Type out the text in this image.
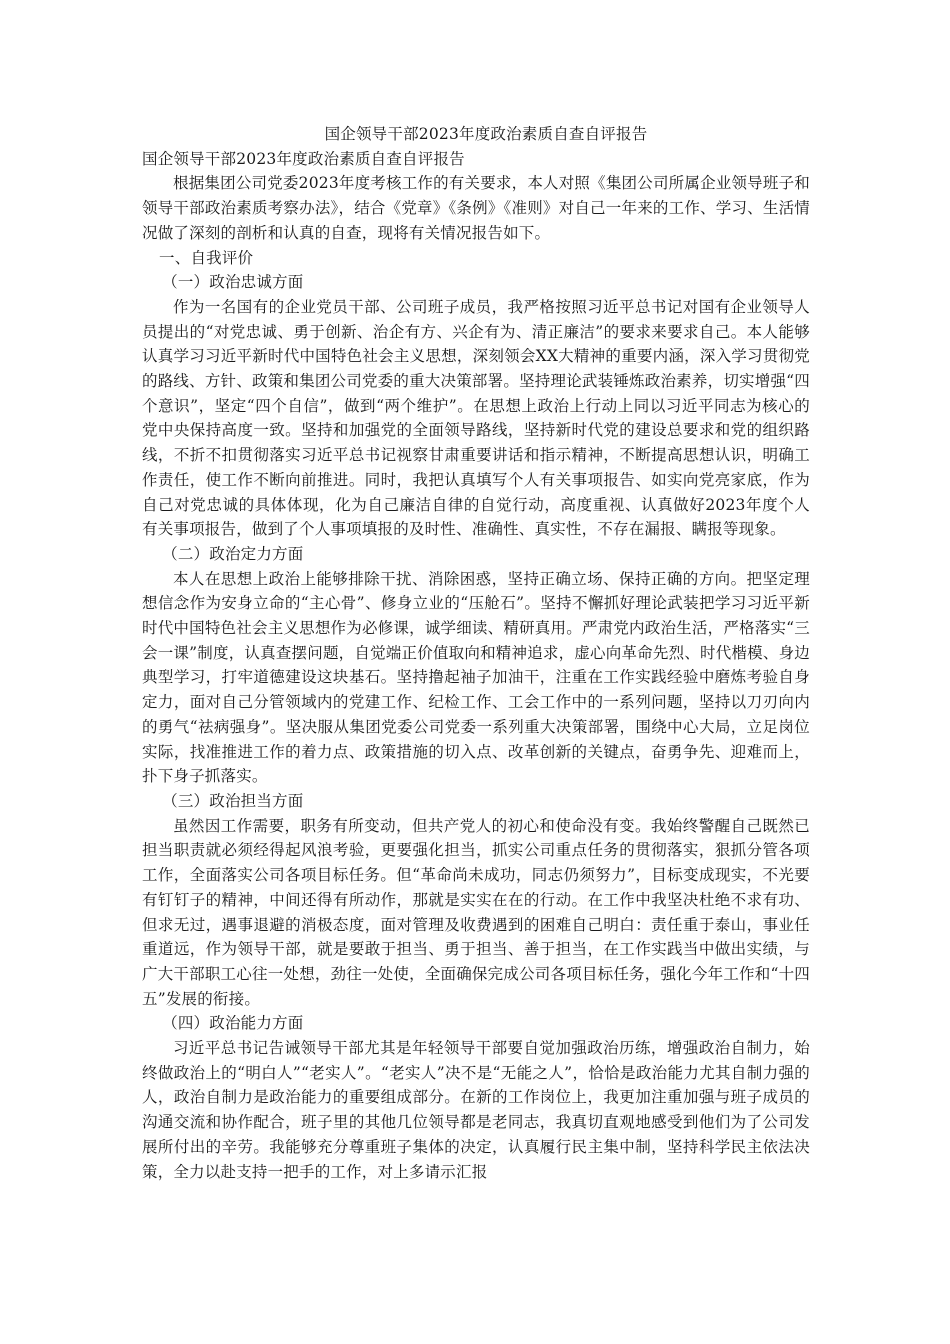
国企领导干部2023年度政治素质自查自评报告
国企领导干部2023年度政治素质自查自评报告

根据集团公司党委2023年度考核工作的有关要求，本人对照《集团公司所属企业领导班子和领导干部政治素质考察办法》，结合《党章》《条例》《准则》对自己一年来的工作、学习、生活情况做了深刻的剖析和认真的自查，现将有关情况报告如下。

一、自我评价
（一）政治忠诚方面

作为一名国有的企业党员干部、公司班子成员，我严格按照习近平总书记对国有企业领导人员提出的“对党忠诚、勇于创新、治企有方、兴企有为、清正廉洁”的要求来要求自己。本人能够认真学习习近平新时代中国特色社会主义思想，深刻领会XX大精神的重要内涵，深入学习贯彻党的路线、方针、政策和集团公司党委的重大决策部署。坚持理论武装锤炼政治素养，切实增强“四个意识”，坚定“四个自信”，做到“两个维护”。在思想上政治上行动上同以习近平同志为核心的党中央保持高度一致。坚持和加强党的全面领导路线，坚持新时代党的建设总要求和党的组织路线，不折不扣贯彻落实习近平总书记视察甘肃重要讲话和指示精神，不断提高思想认识，明确工作责任，使工作不断向前推进。同时，我把认真填写个人有关事项报告、如实向党亮家底，作为自己对党忠诚的具体体现，化为自己廉洁自律的自觉行动，高度重视、认真做好2023年度个人有关事项报告，做到了个人事项填报的及时性、准确性、真实性，不存在漏报、瞒报等现象。

（二）政治定力方面

本人在思想上政治上能够排除干扰、消除困惑，坚持正确立场、保持正确的方向。把坚定理想信念作为安身立命的“主心骨”、修身立业的“压舱石”。坚持不懈抓好理论武装把学习习近平新时代中国特色社会主义思想作为必修课，诚学细读、精研真用。严肃党内政治生活，严格落实“三会一课”制度，认真查摆问题，自觉端正价值取向和精神追求，虚心向革命先烈、时代楷模、身边典型学习，打牢道德建设这块基石。坚持撸起袖子加油干，注重在工作实践经验中磨炼考验自身定力，面对自己分管领域内的党建工作、纪检工作、工会工作中的一系列问题，坚持以刀刃向内的勇气“祛病强身”。坚决服从集团党委公司党委一系列重大决策部署，围绕中心大局，立足岗位实际，找准推进工作的着力点、政策措施的切入点、改革创新的关键点，奋勇争先、迎难而上，扑下身子抓落实。

（三）政治担当方面

虽然因工作需要，职务有所变动，但共产党人的初心和使命没有变。我始终警醒自己既然已担当职责就必须经得起风浪考验，更要强化担当，抓实公司重点任务的贯彻落实，狠抓分管各项工作，全面落实公司各项目标任务。但“革命尚未成功，同志仍须努力”，目标变成现实，不光要有钉钉子的精神，中间还得有所动作，那就是实实在在的行动。在工作中我坚决杜绝不求有功、但求无过，遇事退避的消极态度，面对管理及收费遇到的困难自己明白：责任重于泰山，事业任重道远，作为领导干部，就是要敢于担当、勇于担当、善于担当，在工作实践当中做出实绩，与广大干部职工心往一处想，劲往一处使，全面确保完成公司各项目标任务，强化今年工作和“十四五”发展的衔接。

（四）政治能力方面

习近平总书记告诫领导干部尤其是年轻领导干部要自觉加强政治历练，增强政治自制力，始终做政治上的“明白人”“老实人”。“老实人”决不是“无能之人”，恰恰是政治能力尤其自制力强的人，政治自制力是政治能力的重要组成部分。在新的工作岗位上，我更加注重加强与班子成员的沟通交流和协作配合，班子里的其他几位领导都是老同志，我真切直观地感受到他们为了公司发展所付出的辛劳。我能够充分尊重班子集体的决定，认真履行民主集中制，坚持科学民主依法决策，全力以赴支持一把手的工作，对上多请示汇报
